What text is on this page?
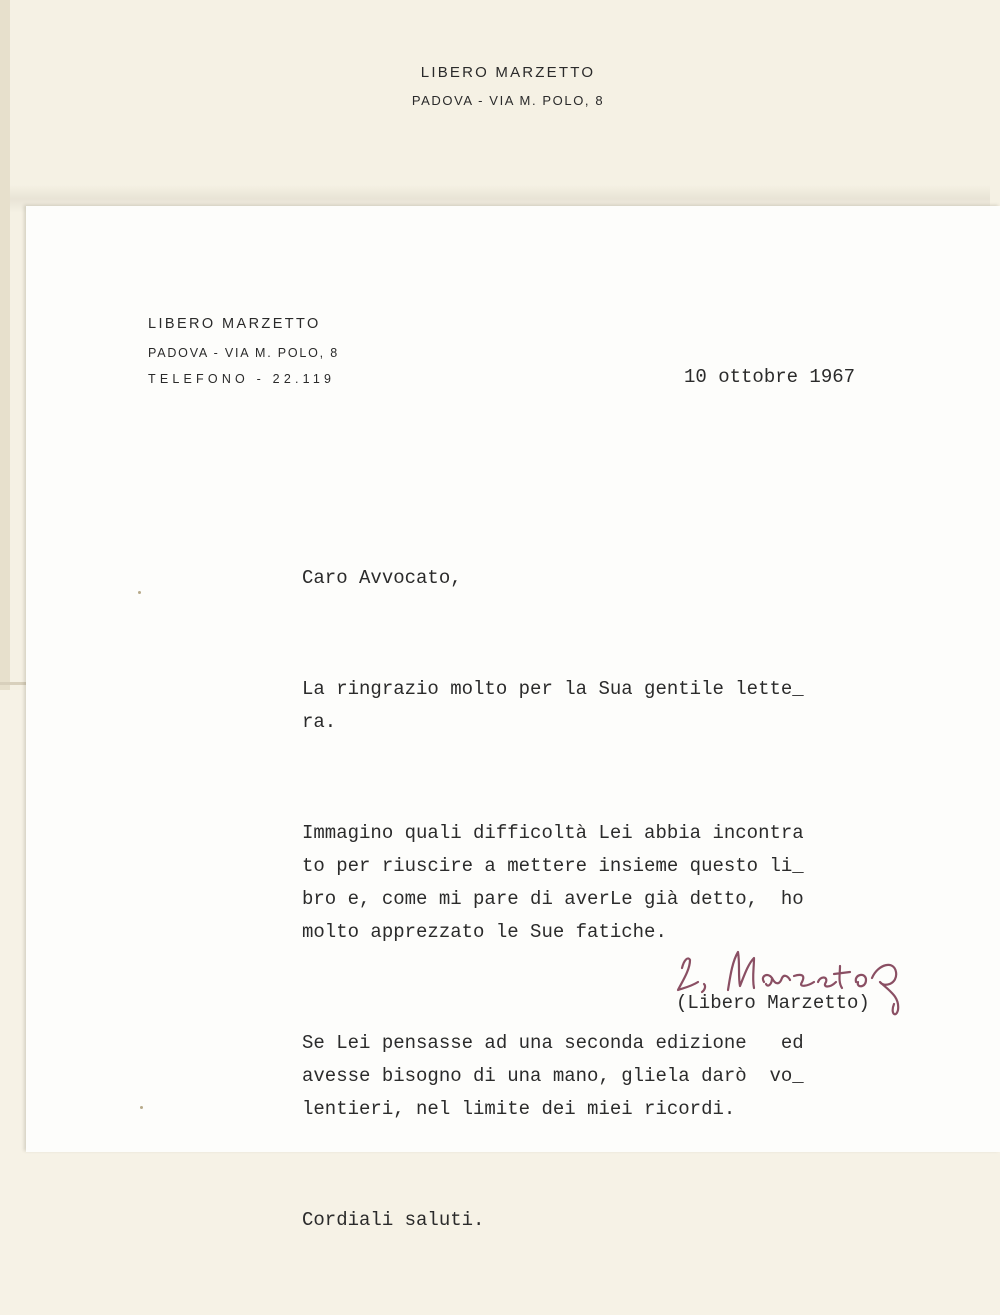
LIBERO MARZETTO
PADOVA - VIA M. POLO, 8
LIBERO MARZETTO
PADOVA - VIA M. POLO, 8
TELEFONO - 22.119	10 ottobre 1967

Caro Avvocato,

La ringrazio molto per la Sua gentile lette_
ra.

Immagino quali difficoltà Lei abbia incontra
to per riuscire a mettere insieme questo li_
bro e, come mi pare di averLe già detto,  ho
molto apprezzato le Sue fatiche.

Se Lei pensasse ad una seconda edizione   ed
avesse bisogno di una mano, gliela darò  vo_
lentieri, nel limite dei miei ricordi.

Cordiali saluti.

(Libero Marzetto)
